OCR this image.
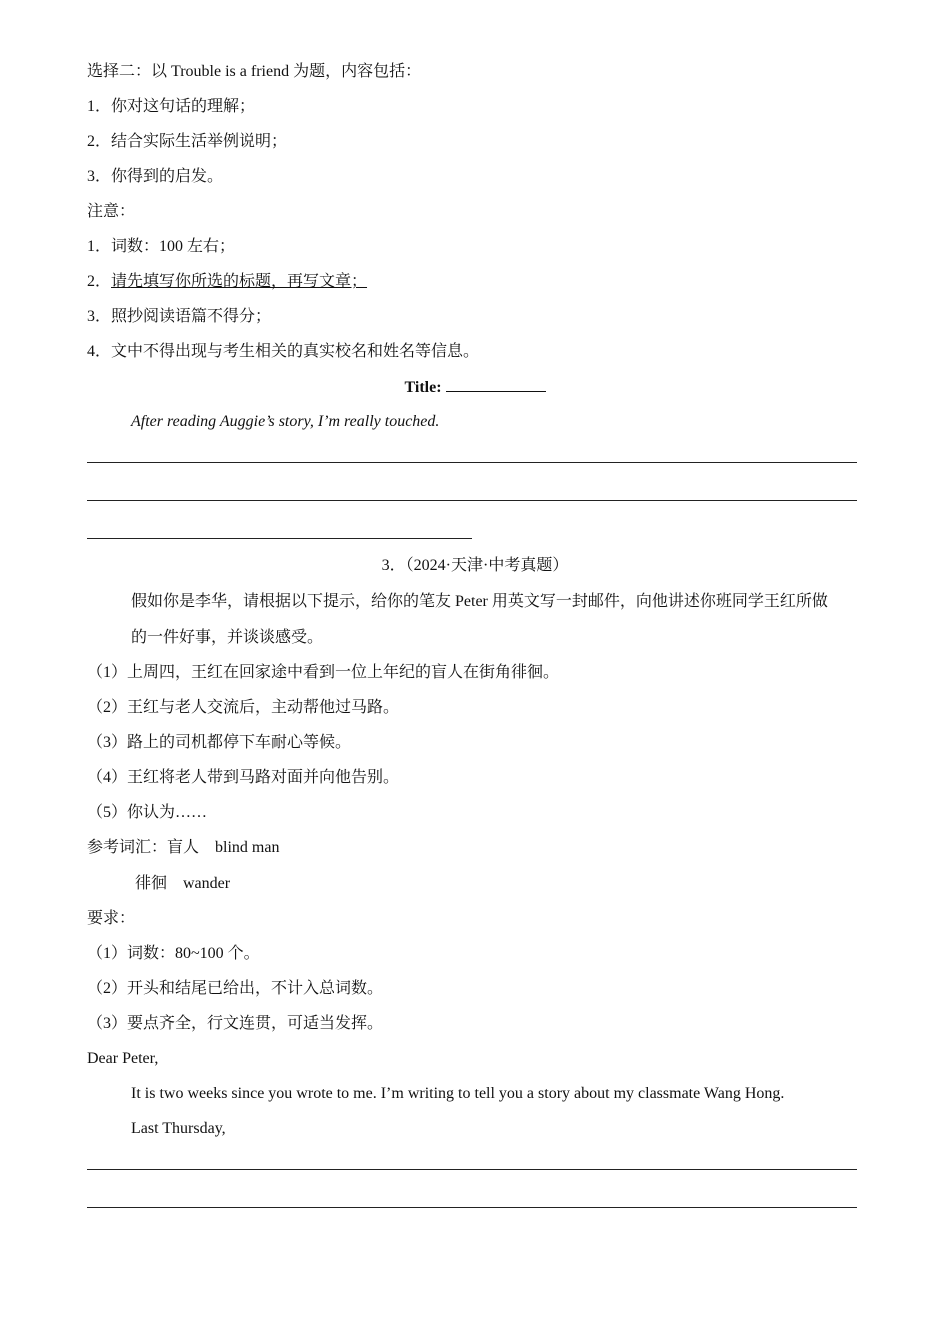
选择二：以 Trouble is a friend 为题，内容包括：
1．你对这句话的理解；
2．结合实际生活举例说明；
3．你得到的启发。
注意：
1．词数：100 左右；
2．请先填写你所选的标题，再写文章；
3．照抄阅读语篇不得分；
4．文中不得出现与考生相关的真实校名和姓名等信息。
Title:
After reading Auggie’s story, I’m really touched.
3．（2024·天津·中考真题）
假如你是李华，请根据以下提示，给你的笔友 Peter 用英文写一封邮件，向他讲述你班同学王红所做
的一件好事，并谈谈感受。
（1）上周四，王红在回家途中看到一位上年纪的盲人在街角徘徊。
（2）王红与老人交流后，主动帮他过马路。
（3）路上的司机都停下车耐心等候。
（4）王红将老人带到马路对面并向他告别。
（5）你认为……
参考词汇：盲人　blind man
徘徊　wander
要求：
（1）词数：80~100 个。
（2）开头和结尾已给出，不计入总词数。
（3）要点齐全，行文连贯，可适当发挥。
Dear Peter,
It is two weeks since you wrote to me. I’m writing to tell you a story about my classmate Wang Hong.
Last Thursday,
